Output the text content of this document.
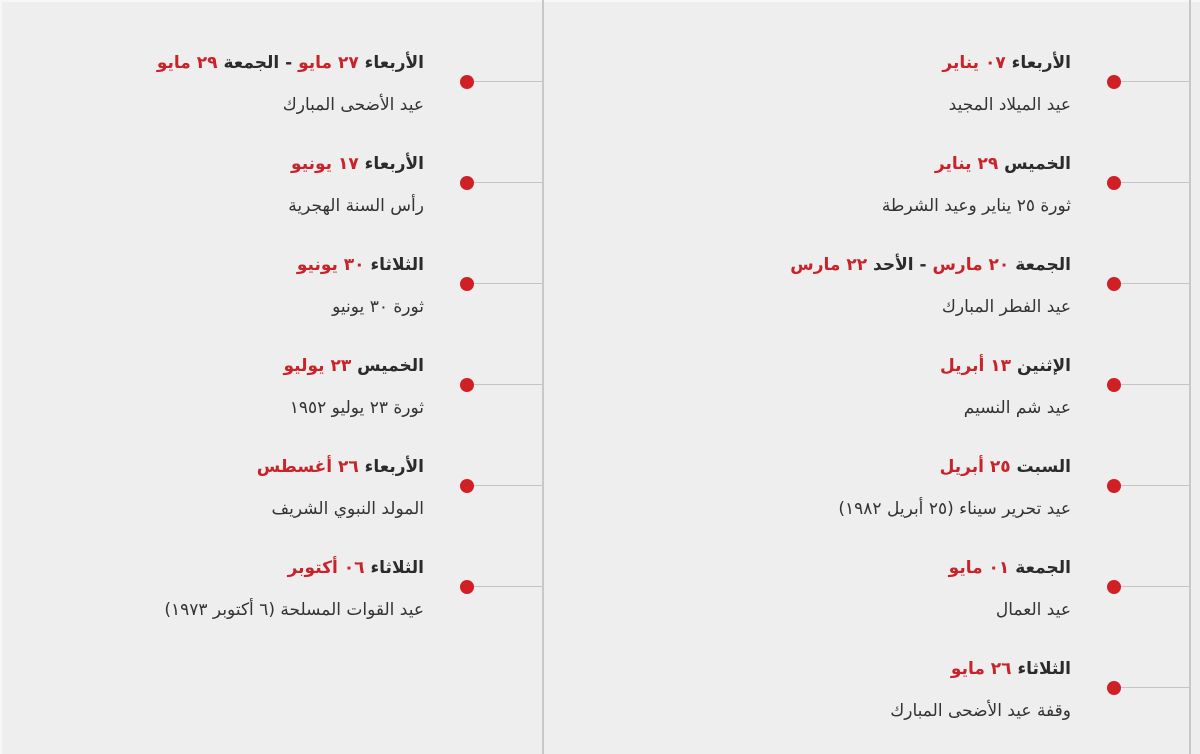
الأربعاء ٠٧ يناير
عيد الميلاد المجيد
الخميس ٢٩ يناير
ثورة ٢٥ يناير وعيد الشرطة
الجمعة ٢٠ مارس - الأحد ٢٢ مارس
عيد الفطر المبارك
الإثنين ١٣ أبريل
عيد شم النسيم
السبت ٢٥ أبريل
عيد تحرير سيناء (٢٥ أبريل ١٩٨٢)
الجمعة ٠١ مايو
عيد العمال
الثلاثاء ٢٦ مايو
وقفة عيد الأضحى المبارك
الأربعاء ٢٧ مايو - الجمعة ٢٩ مايو
عيد الأضحى المبارك
الأربعاء ١٧ يونيو
رأس السنة الهجرية
الثلاثاء ٣٠ يونيو
ثورة ٣٠ يونيو
الخميس ٢٣ يوليو
ثورة ٢٣ يوليو ١٩٥٢
الأربعاء ٢٦ أغسطس
المولد النبوي الشريف
الثلاثاء ٠٦ أكتوبر
عيد القوات المسلحة (٦ أكتوبر ١٩٧٣)
